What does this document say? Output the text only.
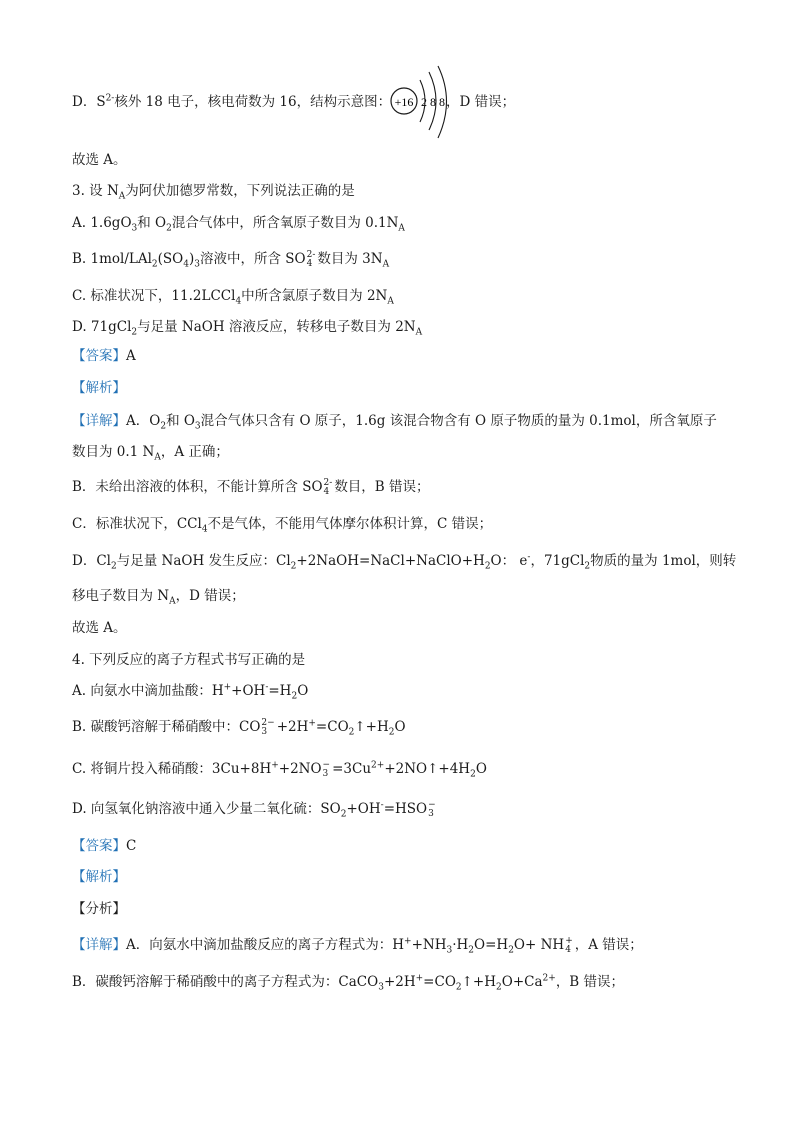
D．$S^{2-}$核外 18 电子，核电荷数为 16，结构示意图： +16 2 8 8 ，D 错误；
故选 A。
3. 设 $N_A$为阿伏加德罗常数，下列说法正确的是
A. $1.6gO_3$和 $O_2$混合气体中，所含氧原子数目为 $0.1N_A$
B. $1mol/LAl_2(SO_4)_3$溶液中，所含 SO 2-
4 数目为 $3N_A$
C. 标准状况下，11.2LCCl$_4$中所含氯原子数目为 $2N_A$
D. 71gCl$_2$与足量 NaOH 溶液反应，转移电子数目为 $2N_A$
【答案】A
【解析】
【详解】A．$O_2$和 $O_3$混合气体只含有 O 原子，1.6g 该混合物含有 O 原子物质的量为 0.1mol，所含氧原子
数目为 0.1 $N_A$，A 正确；
B．未给出溶液的体积，不能计算所含 SO 2-
4 数目，B 错误；
C．标准状况下，CCl$_4$不是气体，不能用气体摩尔体积计算，C 错误；
D．$Cl_2$与足量 NaOH 发生反应：$Cl_2+2NaOH=NaCl+NaClO+H_2O$： e-，71gCl$_2$物质的量为 1mol，则转
移电子数目为 $N_A$，D 错误；
故选 A。
4. 下列反应的离子方程式书写正确的是
A. 向氨水中滴加盐酸：$H^++OH^-=H_2O$
B. 碳酸钙溶解于稀硝酸中：CO 2−
$3 +2H^+=CO_2↑+H_2O$
C. 将铜片投入稀硝酸：3Cu+8H++2NO −
$3 =3Cu^{2+}+2NO↑+4H_2O$
D. 向氢氧化钠溶液中通入少量二氧化硫：$SO_2+OH^-=HSO$ −
3
【答案】C
【解析】
【分析】
【详解】A．向氨水中滴加盐酸反应的离子方程式为：$H^++NH_3\cdot H_2O=H_2O+$ NH +
4 ，A 错误；
B．碳酸钙溶解于稀硝酸中的离子方程式为：$CaCO_3+2H^+=CO_2↑+H_2O+Ca^{2+}$，B 错误；
